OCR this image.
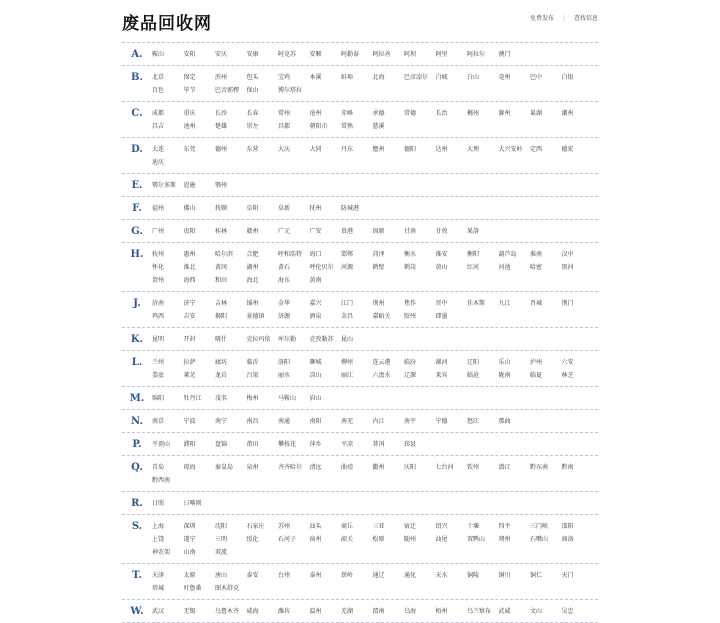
废品回收网	免费发布 | 查找信息
A.	鞍山	安阳	安庆	安康	阿克苏	安顺	阿勒泰	阿拉善	阿坝	阿里	阿拉尔	澳门
B.	北京	保定	滨州	包头	宝鸡	本溪	蚌埠	北海	巴彦淖尔	白城	白山	亳州	巴中	白银
百色	毕节	巴音郭楞	保山	博尔塔拉
C.	成都	重庆	长沙	长春	常州	沧州	赤峰	承德	常德	长治	郴州	滁州	巢湖	潮州
昌吉	池州	楚雄	崇左	昌都	朝阳市	常熟	慈溪
D.	大连	东莞	德州	东营	大庆	大同	丹东	儋州	德阳	达州	大理	大兴安岭	定西	德宏
迪庆
E.	鄂尔多斯	恩施	鄂州
F.	福州	佛山	抚顺	阜阳	阜新	抚州	防城港
G.	广州	贵阳	桂林	赣州	广元	广安	贵港	固原	甘南	甘孜	果洛
H.	杭州	惠州	哈尔滨	合肥	呼和浩特	海口	邯郸	菏泽	衡水	淮安	衡阳	葫芦岛	淮南	汉中
怀化	淮北	黄冈	湖州	黄石	呼伦贝尔	河源	鹤壁	鹤岗	黄山	红河	河池	哈密	黑河
贺州	海西	和田	海北	海东	黄南
J.	济南	济宁	吉林	锦州	金华	嘉兴	江门	荆州	焦作	晋中	佳木斯	九江	晋城	荆门
鸡西	吉安	揭阳	景德镇	济源	酒泉	金昌	嘉峪关	胶州	即墨
K.	昆明	开封	喀什	克拉玛依	库尔勒	克孜勒苏	昆山
L.	兰州	拉萨	廊坊	临沂	洛阳	聊城	柳州	连云港	临汾	漯河	辽阳	乐山	泸州	六安
娄底	莱芜	龙岩	吕梁	丽水	凉山	丽江	六盘水	辽源	来宾	临沧	陇南	临夏	林芝
M.	绵阳	牡丹江	茂名	梅州	马鞍山	眉山
N.	南京	宁波	南宁	南昌	南通	南阳	南充	内江	南平	宁德	怒江	那曲
P.	平顶山	濮阳	盘锦	莆田	攀枝花	萍乡	平凉	普洱	邳县
Q.	青岛	琼海	秦皇岛	泉州	齐齐哈尔	清远	曲靖	衢州	庆阳	七台河	钦州	潜江	黔东南	黔南
黔西南
R.	日照	日喀则
S.	上海	深圳	沈阳	石家庄	苏州	汕头	商丘	三亚	宿迁	绍兴	十堰	四平	三门峡	邵阳
上饶	遂宁	三明	绥化	石河子	宿州	韶关	松原	随州	汕尾	双鸭山	朔州	石嘴山	商洛
神农架	山南	双流
T.	天津	太原	唐山	泰安	台州	泰州	铁岭	通辽	通化	天水	铜陵	铜川	铜仁	天门
塔城	吐鲁番	图木舒克
W.	武汉	无锡	乌鲁木齐	威海	潍坊	温州	芜湖	渭南	乌海	梧州	乌兰察布	武威	文山	吴忠
